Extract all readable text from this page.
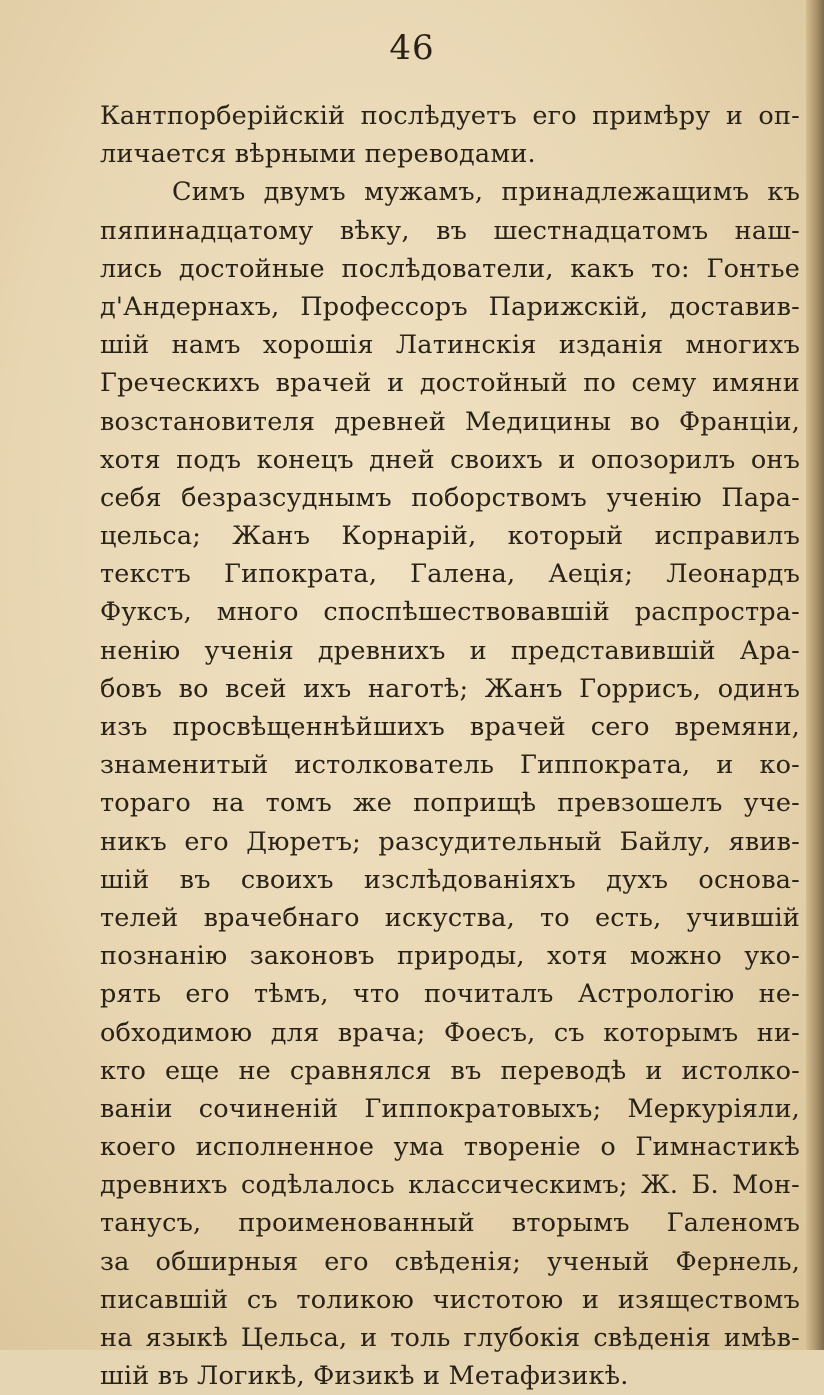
46
Кантпорберійскій послѣдуетъ его примѣру и оп-
личается вѣрными переводами.
Симъ двумъ мужамъ, принадлежащимъ къ
пяпинадцатому вѣку, въ шестнадцатомъ наш-
лись достойные послѣдователи, какъ то: Гонтье
д'Андернахъ, Профессоръ Парижскій, доставив-
шій намъ хорошія Латинскія изданія многихъ
Греческихъ врачей и достойный по сему имяни
возстановителя древней Медицины во Франціи,
хотя подъ конецъ дней своихъ и опозорилъ онъ
себя безразсуднымъ поборствомъ ученію Пара-
цельса; Жанъ Корнарій, который исправилъ
текстъ Гипократа, Галена, Аеція; Леонардъ
Фуксъ, много споспѣшествовавшій распростра-
ненію ученія древнихъ и представившій Ара-
бовъ во всей ихъ наготѣ; Жанъ Горрисъ, одинъ
изъ просвѣщеннѣйшихъ врачей сего времяни,
знаменитый истолкователь Гиппократа, и ко-
тораго на томъ же поприщѣ превзошелъ уче-
никъ его Дюретъ; разсудительный Байлу, явив-
шій въ своихъ изслѣдованіяхъ духъ основа-
телей врачебнаго искуства, то есть, учившій
познанію законовъ природы, хотя можно уко-
рять его тѣмъ, что почиталъ Астрологію не-
обходимою для врача; Фоесъ, съ которымъ ни-
кто еще не сравнялся въ переводѣ и истолко-
ваніи сочиненій Гиппократовыхъ; Меркуріяли,
коего исполненное ума твореніе о Гимнастикѣ
древнихъ содѣлалось классическимъ; Ж. Б. Мон-
танусъ, проименованный вторымъ Галеномъ
за обширныя его свѣденія; ученый Фернель,
писавшій съ толикою чистотою и изяществомъ
на языкѣ Цельса, и толь глубокія свѣденія имѣв-
шій въ Логикѣ, Физикѣ и Метафизикѣ.
